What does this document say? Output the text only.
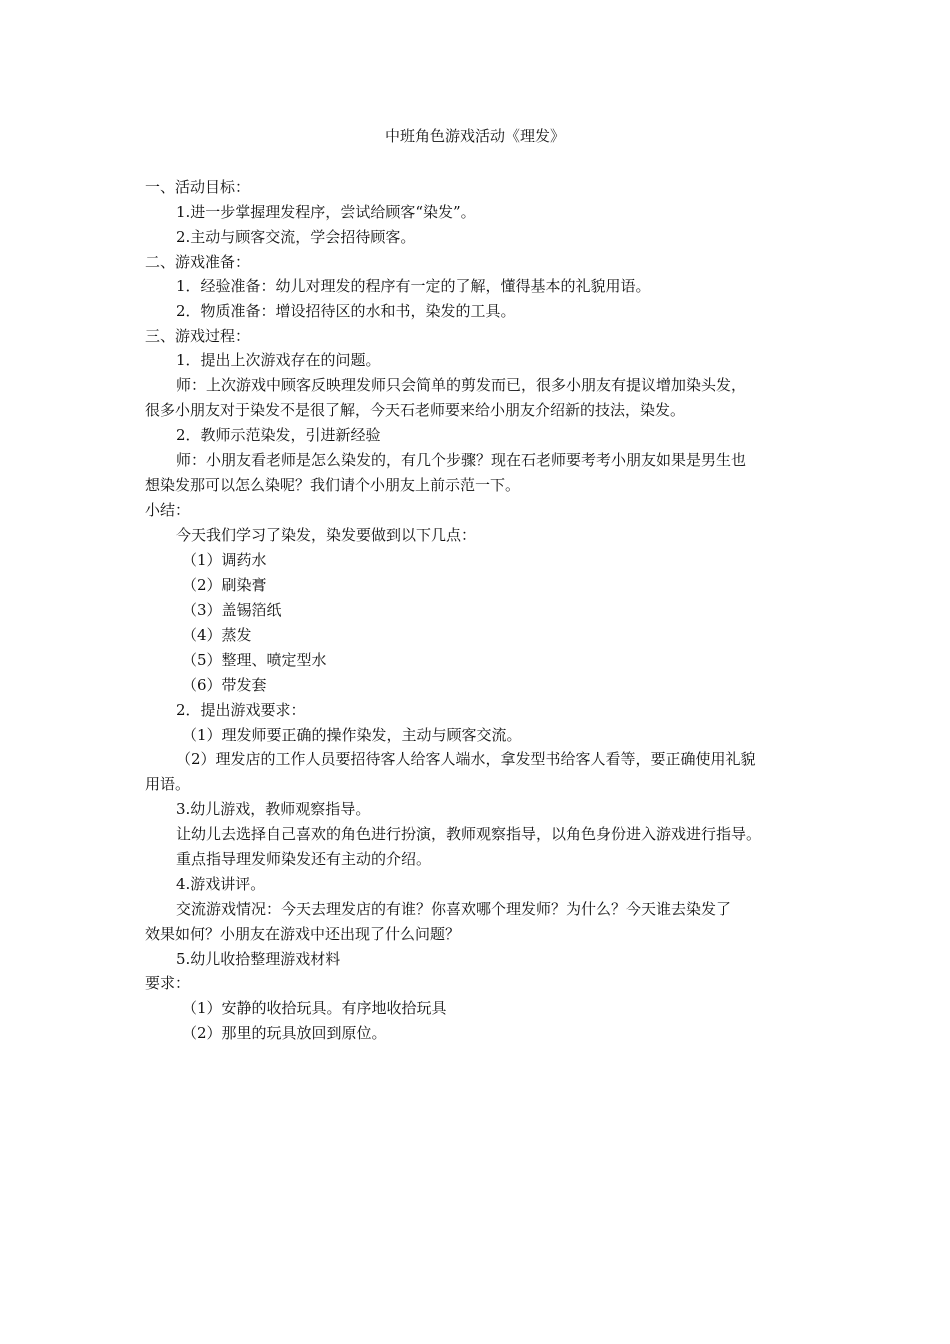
中班角色游戏活动《理发》
一、活动目标：
1.进一步掌握理发程序，尝试给顾客“染发”。
2.主动与顾客交流，学会招待顾客。
二、游戏准备：
1．经验准备：幼儿对理发的程序有一定的了解，懂得基本的礼貌用语。
2．物质准备：增设招待区的水和书，染发的工具。
三、游戏过程：
1．提出上次游戏存在的问题。
师：上次游戏中顾客反映理发师只会简单的剪发而已，很多小朋友有提议增加染头发，
很多小朋友对于染发不是很了解，今天石老师要来给小朋友介绍新的技法，染发。
2．教师示范染发，引进新经验
师：小朋友看老师是怎么染发的，有几个步骤？现在石老师要考考小朋友如果是男生也
想染发那可以怎么染呢？我们请个小朋友上前示范一下。
小结：
今天我们学习了染发，染发要做到以下几点：
（1）调药水
（2）刷染膏
（3）盖锡箔纸
（4）蒸发
（5）整理、喷定型水
（6）带发套
2．提出游戏要求：
（1）理发师要正确的操作染发，主动与顾客交流。
（2）理发店的工作人员要招待客人给客人端水，拿发型书给客人看等，要正确使用礼貌
用语。
3.幼儿游戏，教师观察指导。
让幼儿去选择自己喜欢的角色进行扮演，教师观察指导，以角色身份进入游戏进行指导。
重点指导理发师染发还有主动的介绍。
4.游戏讲评。
交流游戏情况：今天去理发店的有谁？你喜欢哪个理发师？为什么？今天谁去染发了
效果如何？小朋友在游戏中还出现了什么问题？
5.幼儿收拾整理游戏材料
要求：
（1）安静的收拾玩具。有序地收拾玩具
（2）那里的玩具放回到原位。
